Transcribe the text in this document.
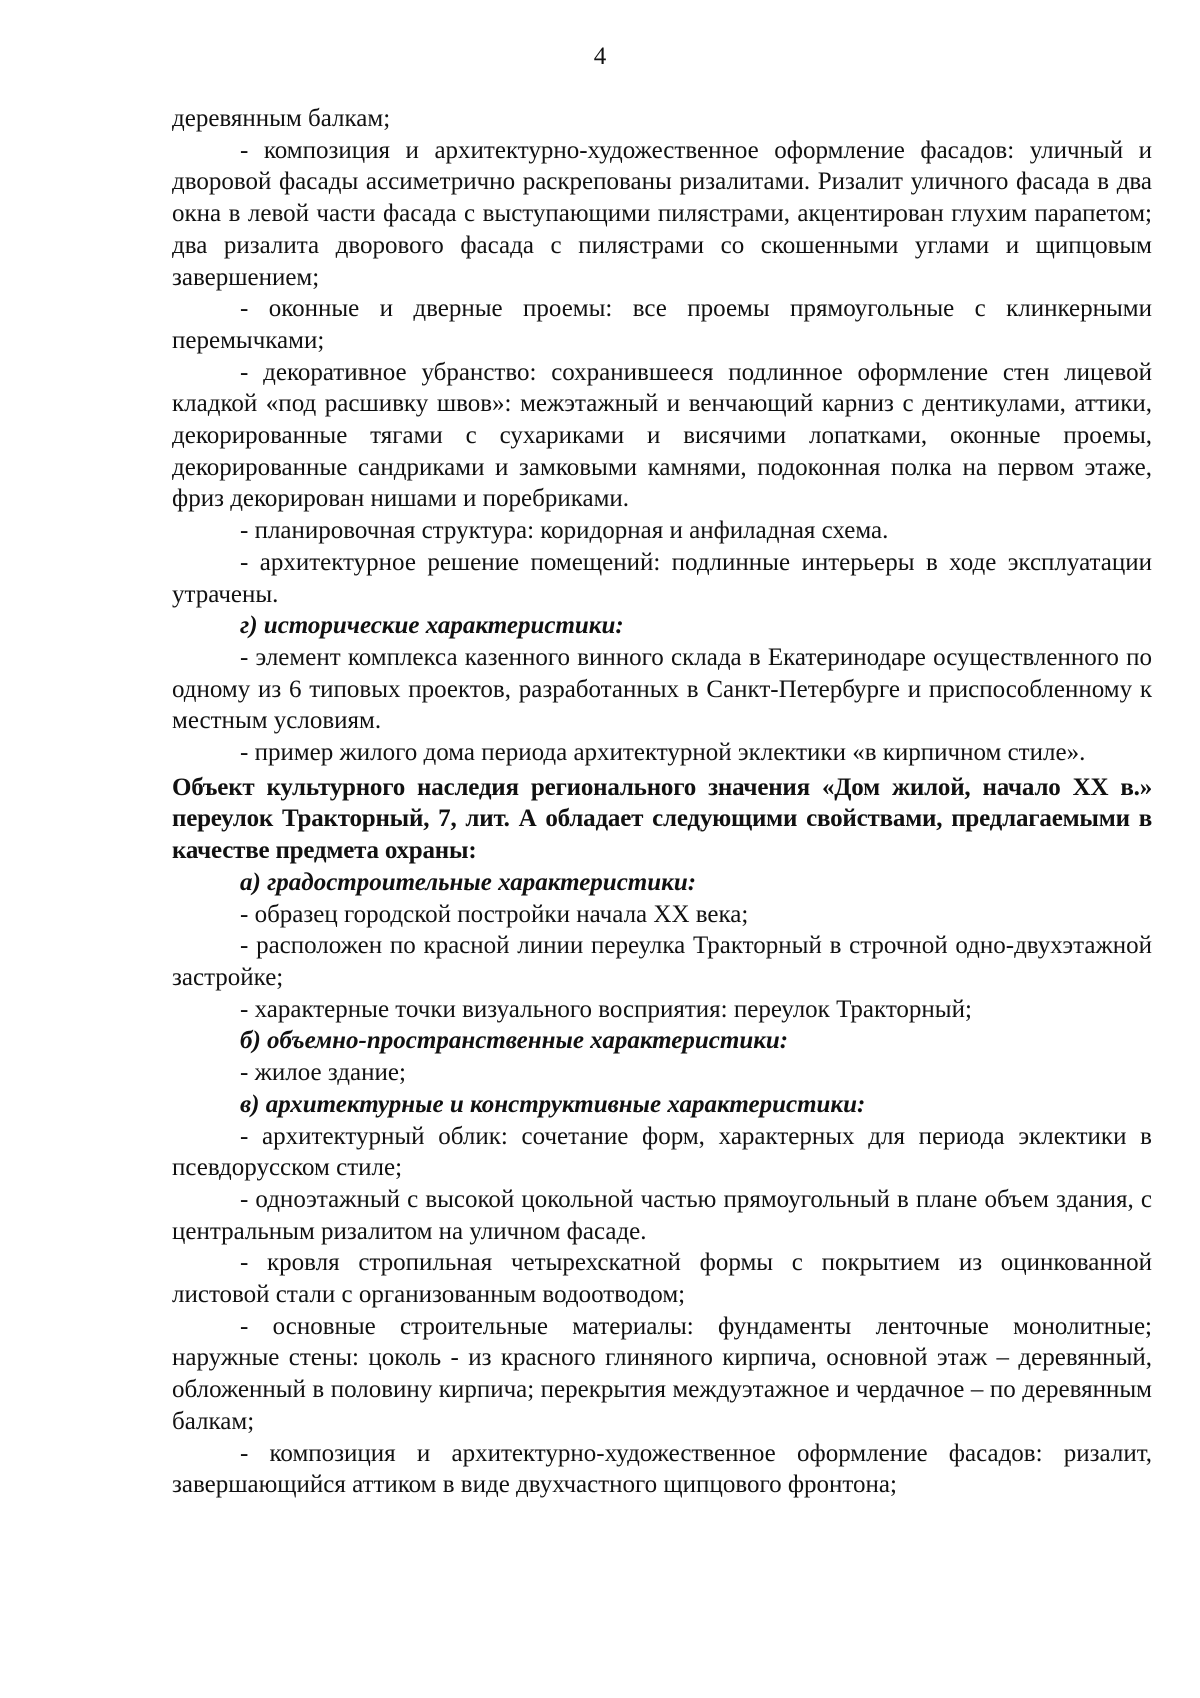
4

деревянным балкам;

- композиция и архитектурно-художественное оформление фасадов: уличный и дворовой фасады ассиметрично раскрепованы ризалитами. Ризалит уличного фасада в два окна в левой части фасада с выступающими пилястрами, акцентирован глухим парапетом; два ризалита дворового фасада с пилястрами со скошенными углами и щипцовым завершением;

- оконные и дверные проемы: все проемы прямоугольные с клинкерными перемычками;

- декоративное убранство: сохранившееся подлинное оформление стен лицевой кладкой «под расшивку швов»: межэтажный и венчающий карниз с дентикулами, аттики, декорированные тягами с сухариками и висячими лопатками, оконные проемы, декорированные сандриками и замковыми камнями, подоконная полка на первом этаже, фриз декорирован нишами и поребриками.

- планировочная структура: коридорная и анфиладная схема.

- архитектурное решение помещений: подлинные интерьеры в ходе эксплуатации утрачены.

г) исторические характеристики:

- элемент комплекса казенного винного склада в Екатеринодаре осуществленного по одному из 6 типовых проектов, разработанных в Санкт-Петербурге и приспособленному к местным условиям.

- пример жилого дома периода архитектурной эклектики «в кирпичном стиле».

Объект культурного наследия регионального значения «Дом жилой, начало XX в.» переулок Тракторный, 7, лит. А обладает следующими свойствами, предлагаемыми в качестве предмета охраны:

а) градостроительные характеристики:

- образец городской постройки начала XX века;

- расположен по красной линии переулка Тракторный в строчной одно-двухэтажной застройке;

- характерные точки визуального восприятия: переулок Тракторный;

б) объемно-пространственные характеристики:

- жилое здание;

в) архитектурные и конструктивные характеристики:

- архитектурный облик: сочетание форм, характерных для периода эклектики в псевдорусском стиле;

- одноэтажный с высокой цокольной частью прямоугольный в плане объем здания, с центральным ризалитом на уличном фасаде.

- кровля стропильная четырехскатной формы с покрытием из оцинкованной листовой стали с организованным водоотводом;

- основные строительные материалы: фундаменты ленточные монолитные; наружные стены: цоколь - из красного глиняного кирпича, основной этаж – деревянный, обложенный в половину кирпича; перекрытия междуэтажное и чердачное – по деревянным балкам;

- композиция и архитектурно-художественное оформление фасадов: ризалит, завершающийся аттиком в виде двухчастного щипцового фронтона;
